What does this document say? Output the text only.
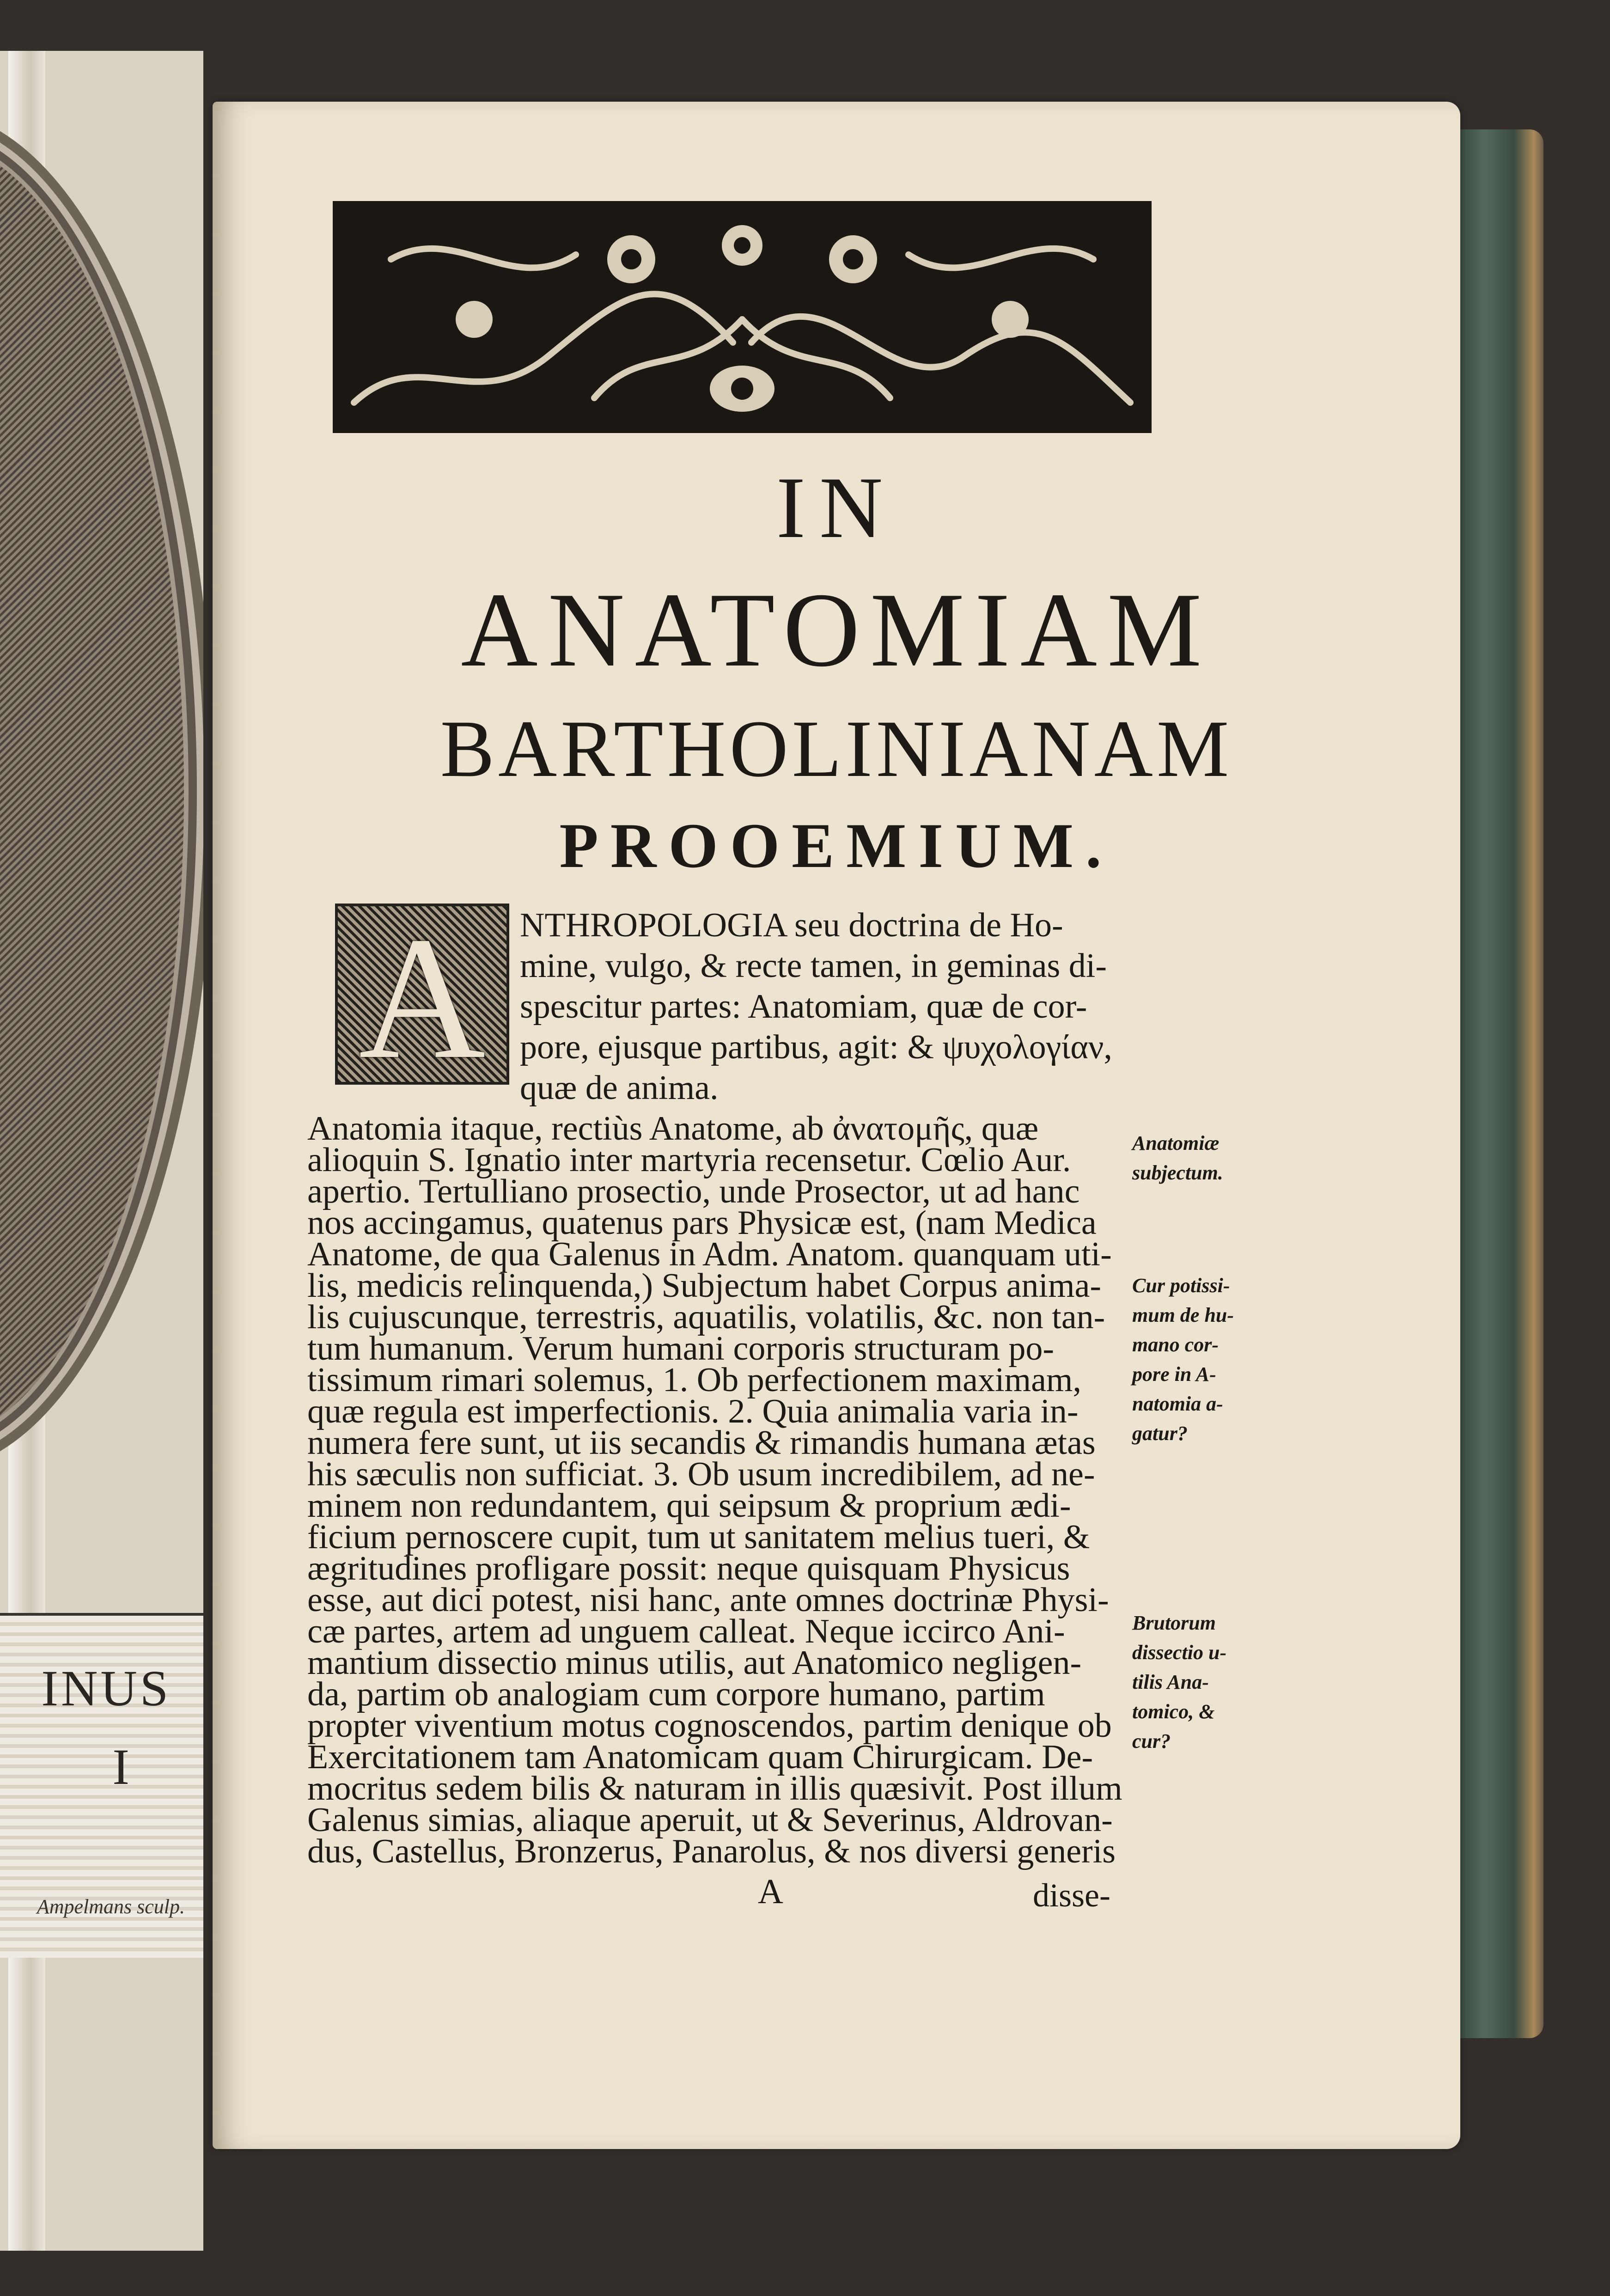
INUS
I
Ampelmans sculp.
IN
ANATOMIAM
BARTHOLINIANAM
PROOEMIUM.
A	NTHROPOLOGIA seu doctrina de Ho-

mine, vulgo, & recte tamen, in geminas di-

spescitur partes: Anatomiam, quæ de cor-

pore, ejusque partibus, agit: & ψυχολογίαν,

quæ de anima.

Anatomia itaque, rectiùs Anatome, ab ἀνατομῆς, quæ

alioquin S. Ignatio inter martyria recensetur. Cœlio Aur.

apertio. Tertulliano prosectio, unde Prosector, ut ad hanc

nos accingamus, quatenus pars Physicæ est, (nam Medica

Anatome, de qua Galenus in Adm. Anatom. quanquam uti-

lis, medicis relinquenda,) Subjectum habet Corpus anima-

lis cujuscunque, terrestris, aquatilis, volatilis, &c. non tan-

tum humanum. Verum humani corporis structuram po-

tissimum rimari solemus, 1. Ob perfectionem maximam,

quæ regula est imperfectionis. 2. Quia animalia varia in-

numera fere sunt, ut iis secandis & rimandis humana ætas

his sæculis non sufficiat. 3. Ob usum incredibilem, ad ne-

minem non redundantem, qui seipsum & proprium ædi-

ficium pernoscere cupit, tum ut sanitatem melius tueri, &

ægritudines profligare possit: neque quisquam Physicus

esse, aut dici potest, nisi hanc, ante omnes doctrinæ Physi-

cæ partes, artem ad unguem calleat. Neque iccirco Ani-

mantium dissectio minus utilis, aut Anatomico negligen-

da, partim ob analogiam cum corpore humano, partim

propter viventium motus cognoscendos, partim denique ob

Exercitationem tam Anatomicam quam Chirurgicam. De-

mocritus sedem bilis & naturam in illis quæsivit. Post illum

Galenus simias, aliaque aperuit, ut & Severinus, Aldrovan-

dus, Castellus, Bronzerus, Panarolus, & nos diversi generis

Anatomiæ
subjectum.

Cur potissi-
mum de hu-
mano cor-
pore in A-
natomia a-
gatur?

Brutorum
dissectio u-
tilis Ana-
tomico, &
cur?

A	disse-
